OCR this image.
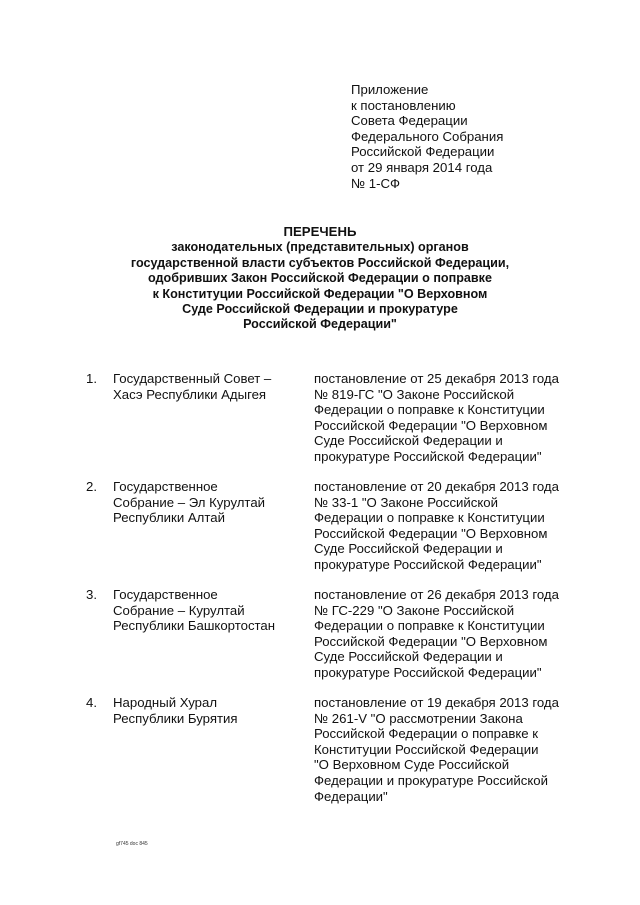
Приложение
к постановлению
Совета Федерации
Федерального Собрания
Российской Федерации
от 29 января 2014 года
№ 1-СФ
ПЕРЕЧЕНЬ
законодательных (представительных) органов
государственной власти субъектов Российской Федерации,
одобривших Закон Российской Федерации о поправке
к Конституции Российской Федерации "О Верховном
Суде Российской Федерации и прокуратуре
Российской Федерации"
1. Государственный Совет –
Хасэ Республики Адыгея
постановление от 25 декабря 2013 года
№ 819-ГС "О Законе Российской
Федерации о поправке к Конституции
Российской Федерации "О Верховном
Суде Российской Федерации и
прокуратуре Российской Федерации"
2. Государственное
Собрание – Эл Курултай
Республики Алтай
постановление от 20 декабря 2013 года
№ 33-1 "О Законе Российской
Федерации о поправке к Конституции
Российской Федерации "О Верховном
Суде Российской Федерации и
прокуратуре Российской Федерации"
3. Государственное
Собрание – Курултай
Республики Башкортостан
постановление от 26 декабря 2013 года
№ ГС-229 "О Законе Российской
Федерации о поправке к Конституции
Российской Федерации "О Верховном
Суде Российской Федерации и
прокуратуре Российской Федерации"
4. Народный Хурал
Республики Бурятия
постановление от 19 декабря 2013 года
№ 261-V "О рассмотрении Закона
Российской Федерации о поправке к
Конституции Российской Федерации
"О Верховном Суде Российской
Федерации и прокуратуре Российской
Федерации"
gf745 doc 845
